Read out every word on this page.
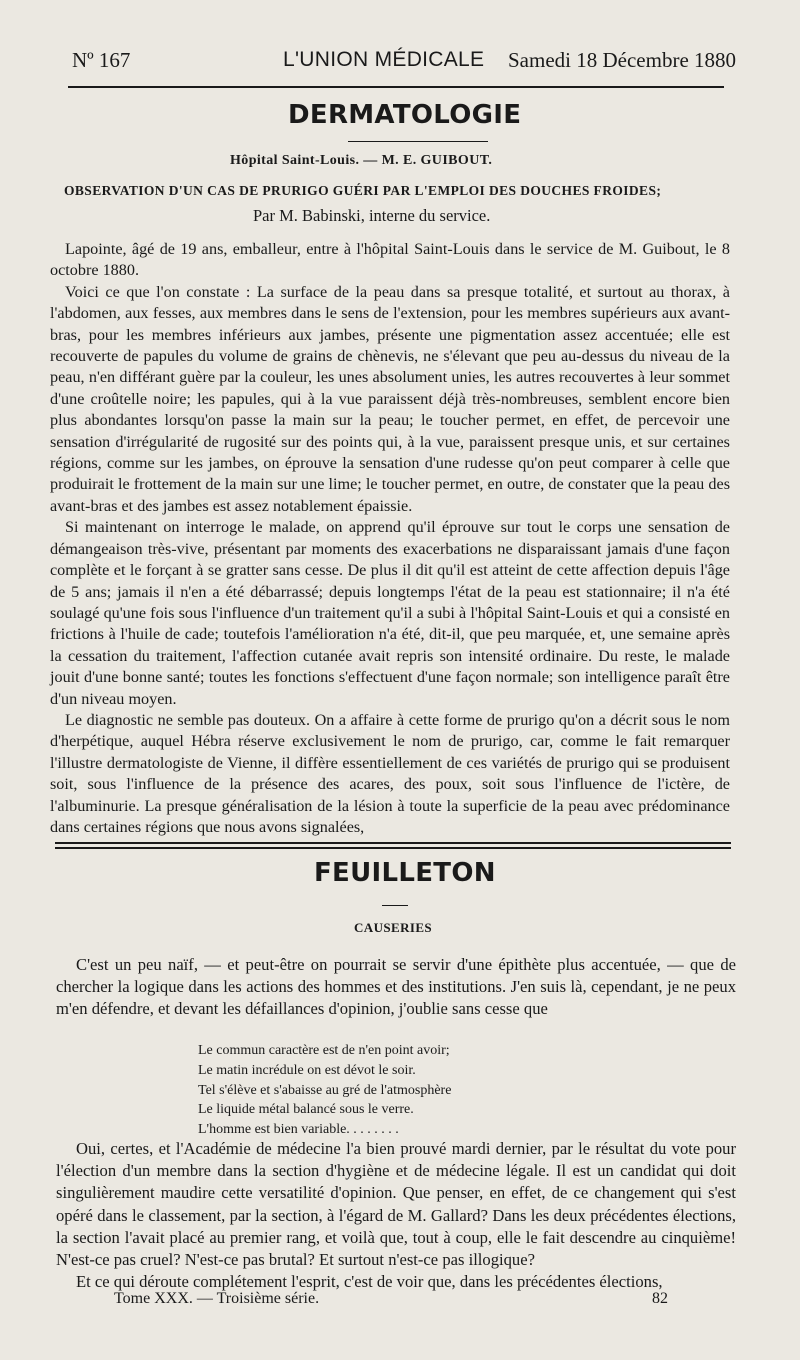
Nº 167	L'UNION MÉDICALE Samedi 18 Décembre 1880
DERMATOLOGIE
Hôpital Saint-Louis. — M. E. GUIBOUT.
OBSERVATION D'UN CAS DE PRURIGO GUÉRI PAR L'EMPLOI DES DOUCHES FROIDES;
Par M. Babinski, interne du service.

Lapointe, âgé de 19 ans, emballeur, entre à l'hôpital Saint-Louis dans le service de M. Guibout, le 8 octobre 1880.

Voici ce que l'on constate : La surface de la peau dans sa presque totalité, et surtout au thorax, à l'abdomen, aux fesses, aux membres dans le sens de l'extension, pour les membres supérieurs aux avant-bras, pour les membres inférieurs aux jambes, présente une pigmentation assez accentuée; elle est recouverte de papules du volume de grains de chènevis, ne s'élevant que peu au-dessus du niveau de la peau, n'en différant guère par la couleur, les unes absolument unies, les autres recouvertes à leur sommet d'une croûtelle noire; les papules, qui à la vue paraissent déjà très-nombreuses, semblent encore bien plus abondantes lorsqu'on passe la main sur la peau; le toucher permet, en effet, de percevoir une sensation d'irrégularité de rugosité sur des points qui, à la vue, paraissent presque unis, et sur certaines régions, comme sur les jambes, on éprouve la sensation d'une rudesse qu'on peut comparer à celle que produirait le frottement de la main sur une lime; le toucher permet, en outre, de constater que la peau des avant-bras et des jambes est assez notablement épaissie.

Si maintenant on interroge le malade, on apprend qu'il éprouve sur tout le corps une sensation de démangeaison très-vive, présentant par moments des exacerbations ne disparaissant jamais d'une façon complète et le forçant à se gratter sans cesse. De plus il dit qu'il est atteint de cette affection depuis l'âge de 5 ans; jamais il n'en a été débarrassé; depuis longtemps l'état de la peau est stationnaire; il n'a été soulagé qu'une fois sous l'influence d'un traitement qu'il a subi à l'hôpital Saint-Louis et qui a consisté en frictions à l'huile de cade; toutefois l'amélioration n'a été, dit-il, que peu marquée, et, une semaine après la cessation du traitement, l'affection cutanée avait repris son intensité ordinaire. Du reste, le malade jouit d'une bonne santé; toutes les fonctions s'effectuent d'une façon normale; son intelligence paraît être d'un niveau moyen.

Le diagnostic ne semble pas douteux. On a affaire à cette forme de prurigo qu'on a décrit sous le nom d'herpétique, auquel Hébra réserve exclusivement le nom de prurigo, car, comme le fait remarquer l'illustre dermatologiste de Vienne, il diffère essentiellement de ces variétés de prurigo qui se produisent soit, sous l'influence de la présence des acares, des poux, soit sous l'influence de l'ictère, de l'albuminurie. La presque généralisation de la lésion à toute la superficie de la peau avec prédominance dans certaines régions que nous avons signalées,

FEUILLETON
CAUSERIES

C'est un peu naïf, — et peut-être on pourrait se servir d'une épithète plus accentuée, — que de chercher la logique dans les actions des hommes et des institutions. J'en suis là, cependant, je ne peux m'en défendre, et devant les défaillances d'opinion, j'oublie sans cesse que

Le commun caractère est de n'en point avoir;
Le matin incrédule on est dévot le soir.
Tel s'élève et s'abaisse au gré de l'atmosphère
Le liquide métal balancé sous le verre.
L'homme est bien variable. . . . . . . .

Oui, certes, et l'Académie de médecine l'a bien prouvé mardi dernier, par le résultat du vote pour l'élection d'un membre dans la section d'hygiène et de médecine légale. Il est un candidat qui doit singulièrement maudire cette versatilité d'opinion. Que penser, en effet, de ce changement qui s'est opéré dans le classement, par la section, à l'égard de M. Gallard? Dans les deux précédentes élections, la section l'avait placé au premier rang, et voilà que, tout à coup, elle le fait descendre au cinquième! N'est-ce pas cruel? N'est-ce pas brutal? Et surtout n'est-ce pas illogique?

Et ce qui déroute complétement l'esprit, c'est de voir que, dans les précédentes élections,

Tome XXX. — Troisième série.	82
